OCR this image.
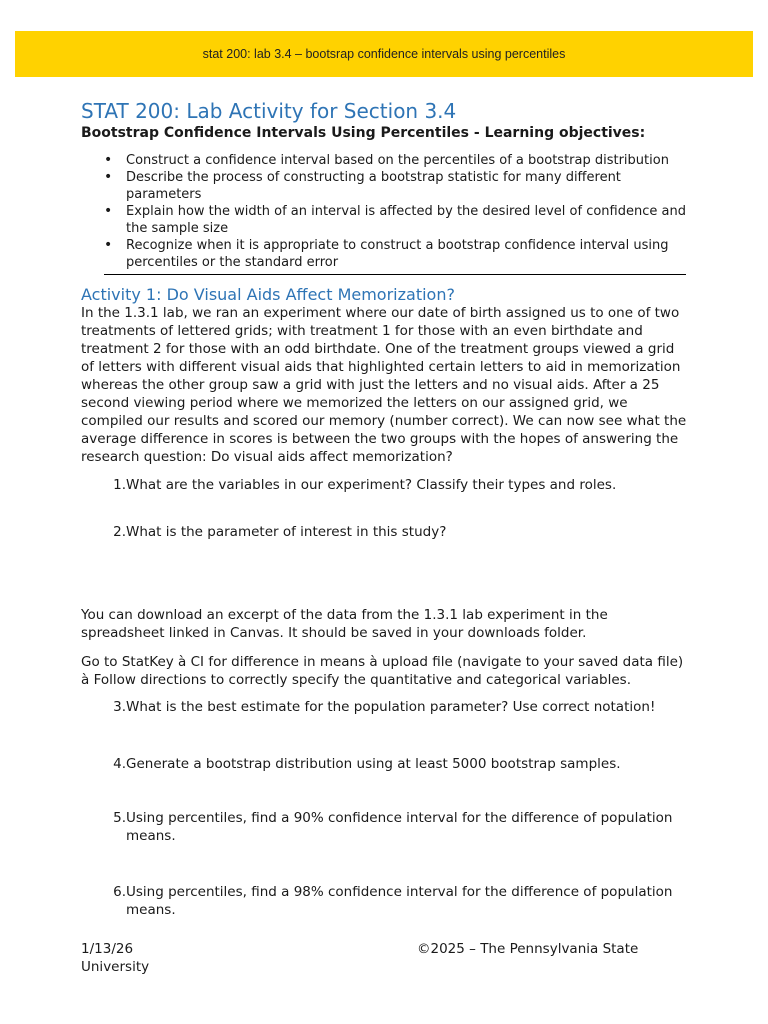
stat 200: lab 3.4 – bootsrap confidence intervals using percentiles
STAT 200: Lab Activity for Section 3.4

Bootstrap Confidence Intervals Using Percentiles - Learning objectives:

• Construct a confidence interval based on the percentiles of a bootstrap distribution
• Describe the process of constructing a bootstrap statistic for many different parameters
• Explain how the width of an interval is affected by the desired level of confidence and the sample size
• Recognize when it is appropriate to construct a bootstrap confidence interval using percentiles or the standard error
Activity 1: Do Visual Aids Affect Memorization?

In the 1.3.1 lab, we ran an experiment where our date of birth assigned us to one of two treatments of lettered grids; with treatment 1 for those with an even birthdate and treatment 2 for those with an odd birthdate. One of the treatment groups viewed a grid of letters with different visual aids that highlighted certain letters to aid in memorization whereas the other group saw a grid with just the letters and no visual aids. After a 25 second viewing period where we memorized the letters on our assigned grid, we compiled our results and scored our memory (number correct). We can now see what the average difference in scores is between the two groups with the hopes of answering the research question: Do visual aids affect memorization?

1. What are the variables in our experiment? Classify their types and roles.
2. What is the parameter of interest in this study?

You can download an excerpt of the data from the 1.3.1 lab experiment in the spreadsheet linked in Canvas. It should be saved in your downloads folder.

Go to StatKey à CI for difference in means à upload file (navigate to your saved data file) à Follow directions to correctly specify the quantitative and categorical variables.

3. What is the best estimate for the population parameter? Use correct notation!
4. Generate a bootstrap distribution using at least 5000 bootstrap samples.
5. Using percentiles, find a 90% confidence interval for the difference of population means.
6. Using percentiles, find a 98% confidence interval for the difference of population means.
1/13/26
University
©2025 – The Pennsylvania State
